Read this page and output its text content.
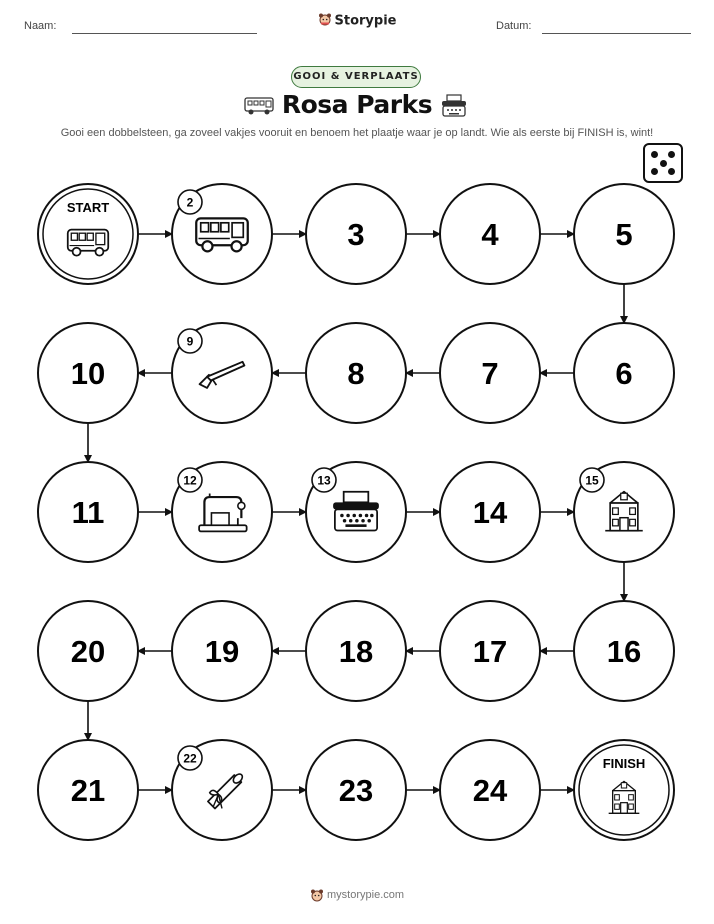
Naam:	Datum:
Storypie
GOOI & VERPLAATS
Rosa Parks
Gooi een dobbelsteen, ga zoveel vakjes vooruit en benoem het plaatje waar je op landt. Wie als eerste bij FINISH is, wint!
START	2
3	4	5
6
7
8
9
10
11
12	13
14
15
16
17
18
19
20
21
22
23	24
FINISH
mystorypie.com
